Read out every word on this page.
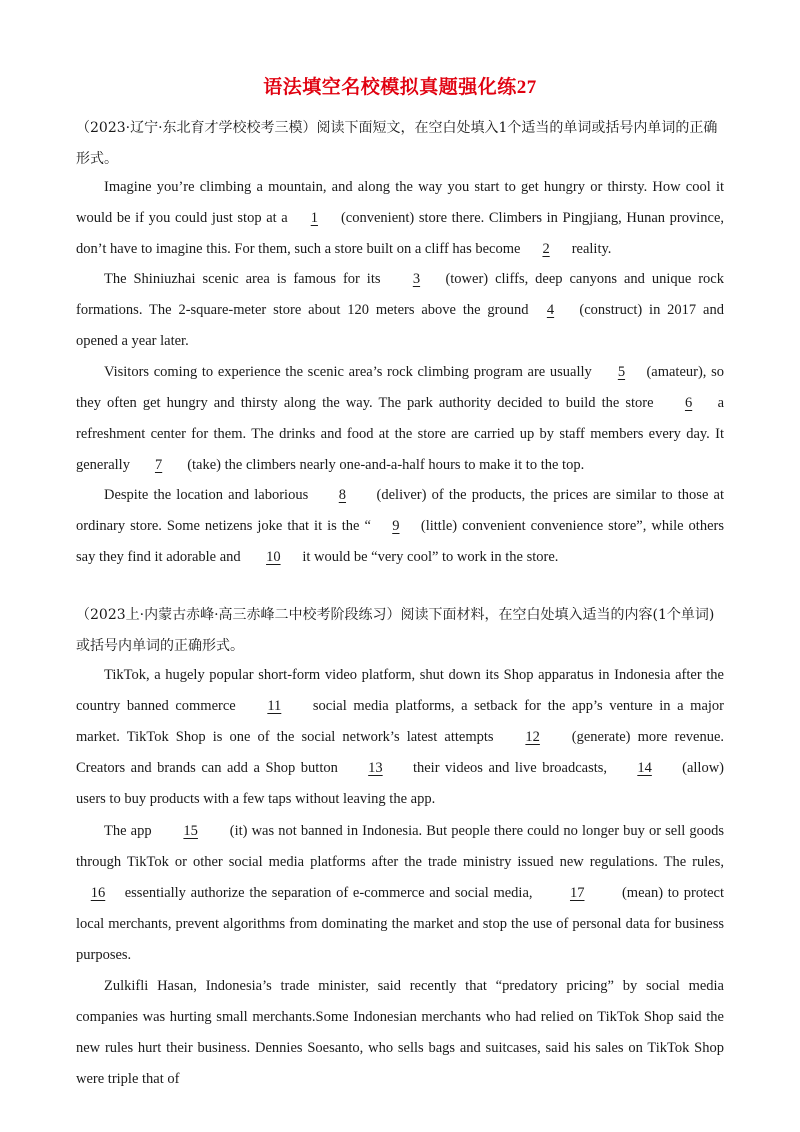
语法填空名校模拟真题强化练27
（2023·辽宁·东北育才学校校考三模）阅读下面短文，在空白处填入1个适当的单词或括号内单词的正确形式。

Imagine you’re climbing a mountain, and along the way you start to get hungry or thirsty. How cool it would be if you could just stop at a 1 (convenient) store there. Climbers in Pingjiang, Hunan province, don’t have to imagine this. For them, such a store built on a cliff has become 2 reality.

The Shiniuzhai scenic area is famous for its 3 (tower) cliffs, deep canyons and unique rock formations. The 2-square-meter store about 120 meters above the ground 4 (construct) in 2017 and opened a year later.

Visitors coming to experience the scenic area’s rock climbing program are usually 5 (amateur), so they often get hungry and thirsty along the way. The park authority decided to build the store 6 a refreshment center for them. The drinks and food at the store are carried up by staff members every day. It generally 7 (take) the climbers nearly one-and-a-half hours to make it to the top.

Despite the location and laborious 8 (deliver) of the products, the prices are similar to those at ordinary store. Some netizens joke that it is the “ 9 (little) convenient convenience store”, while others say they find it adorable and 10 it would be “very cool” to work in the store.

（2023上·内蒙古赤峰·高三赤峰二中校考阶段练习）阅读下面材料，在空白处填入适当的内容(1个单词)或括号内单词的正确形式。

TikTok, a hugely popular short-form video platform, shut down its Shop apparatus in Indonesia after the country banned commerce 11 social media platforms, a setback for the app’s venture in a major market. TikTok Shop is one of the social network’s latest attempts 12 (generate) more revenue. Creators and brands can add a Shop button 13 their videos and live broadcasts, 14 (allow) users to buy products with a few taps without leaving the app.

The app 15 (it) was not banned in Indonesia. But people there could no longer buy or sell goods through TikTok or other social media platforms after the trade ministry issued new regulations. The rules, 16 essentially authorize the separation of e-commerce and social media, 17 (mean) to protect local merchants, prevent algorithms from dominating the market and stop the use of personal data for business purposes.

Zulkifli Hasan, Indonesia’s trade minister, said recently that “predatory pricing” by social media companies was hurting small merchants.Some Indonesian merchants who had relied on TikTok Shop said the new rules hurt their business. Dennies Soesanto, who sells bags and suitcases, said his sales on TikTok Shop were triple that of
